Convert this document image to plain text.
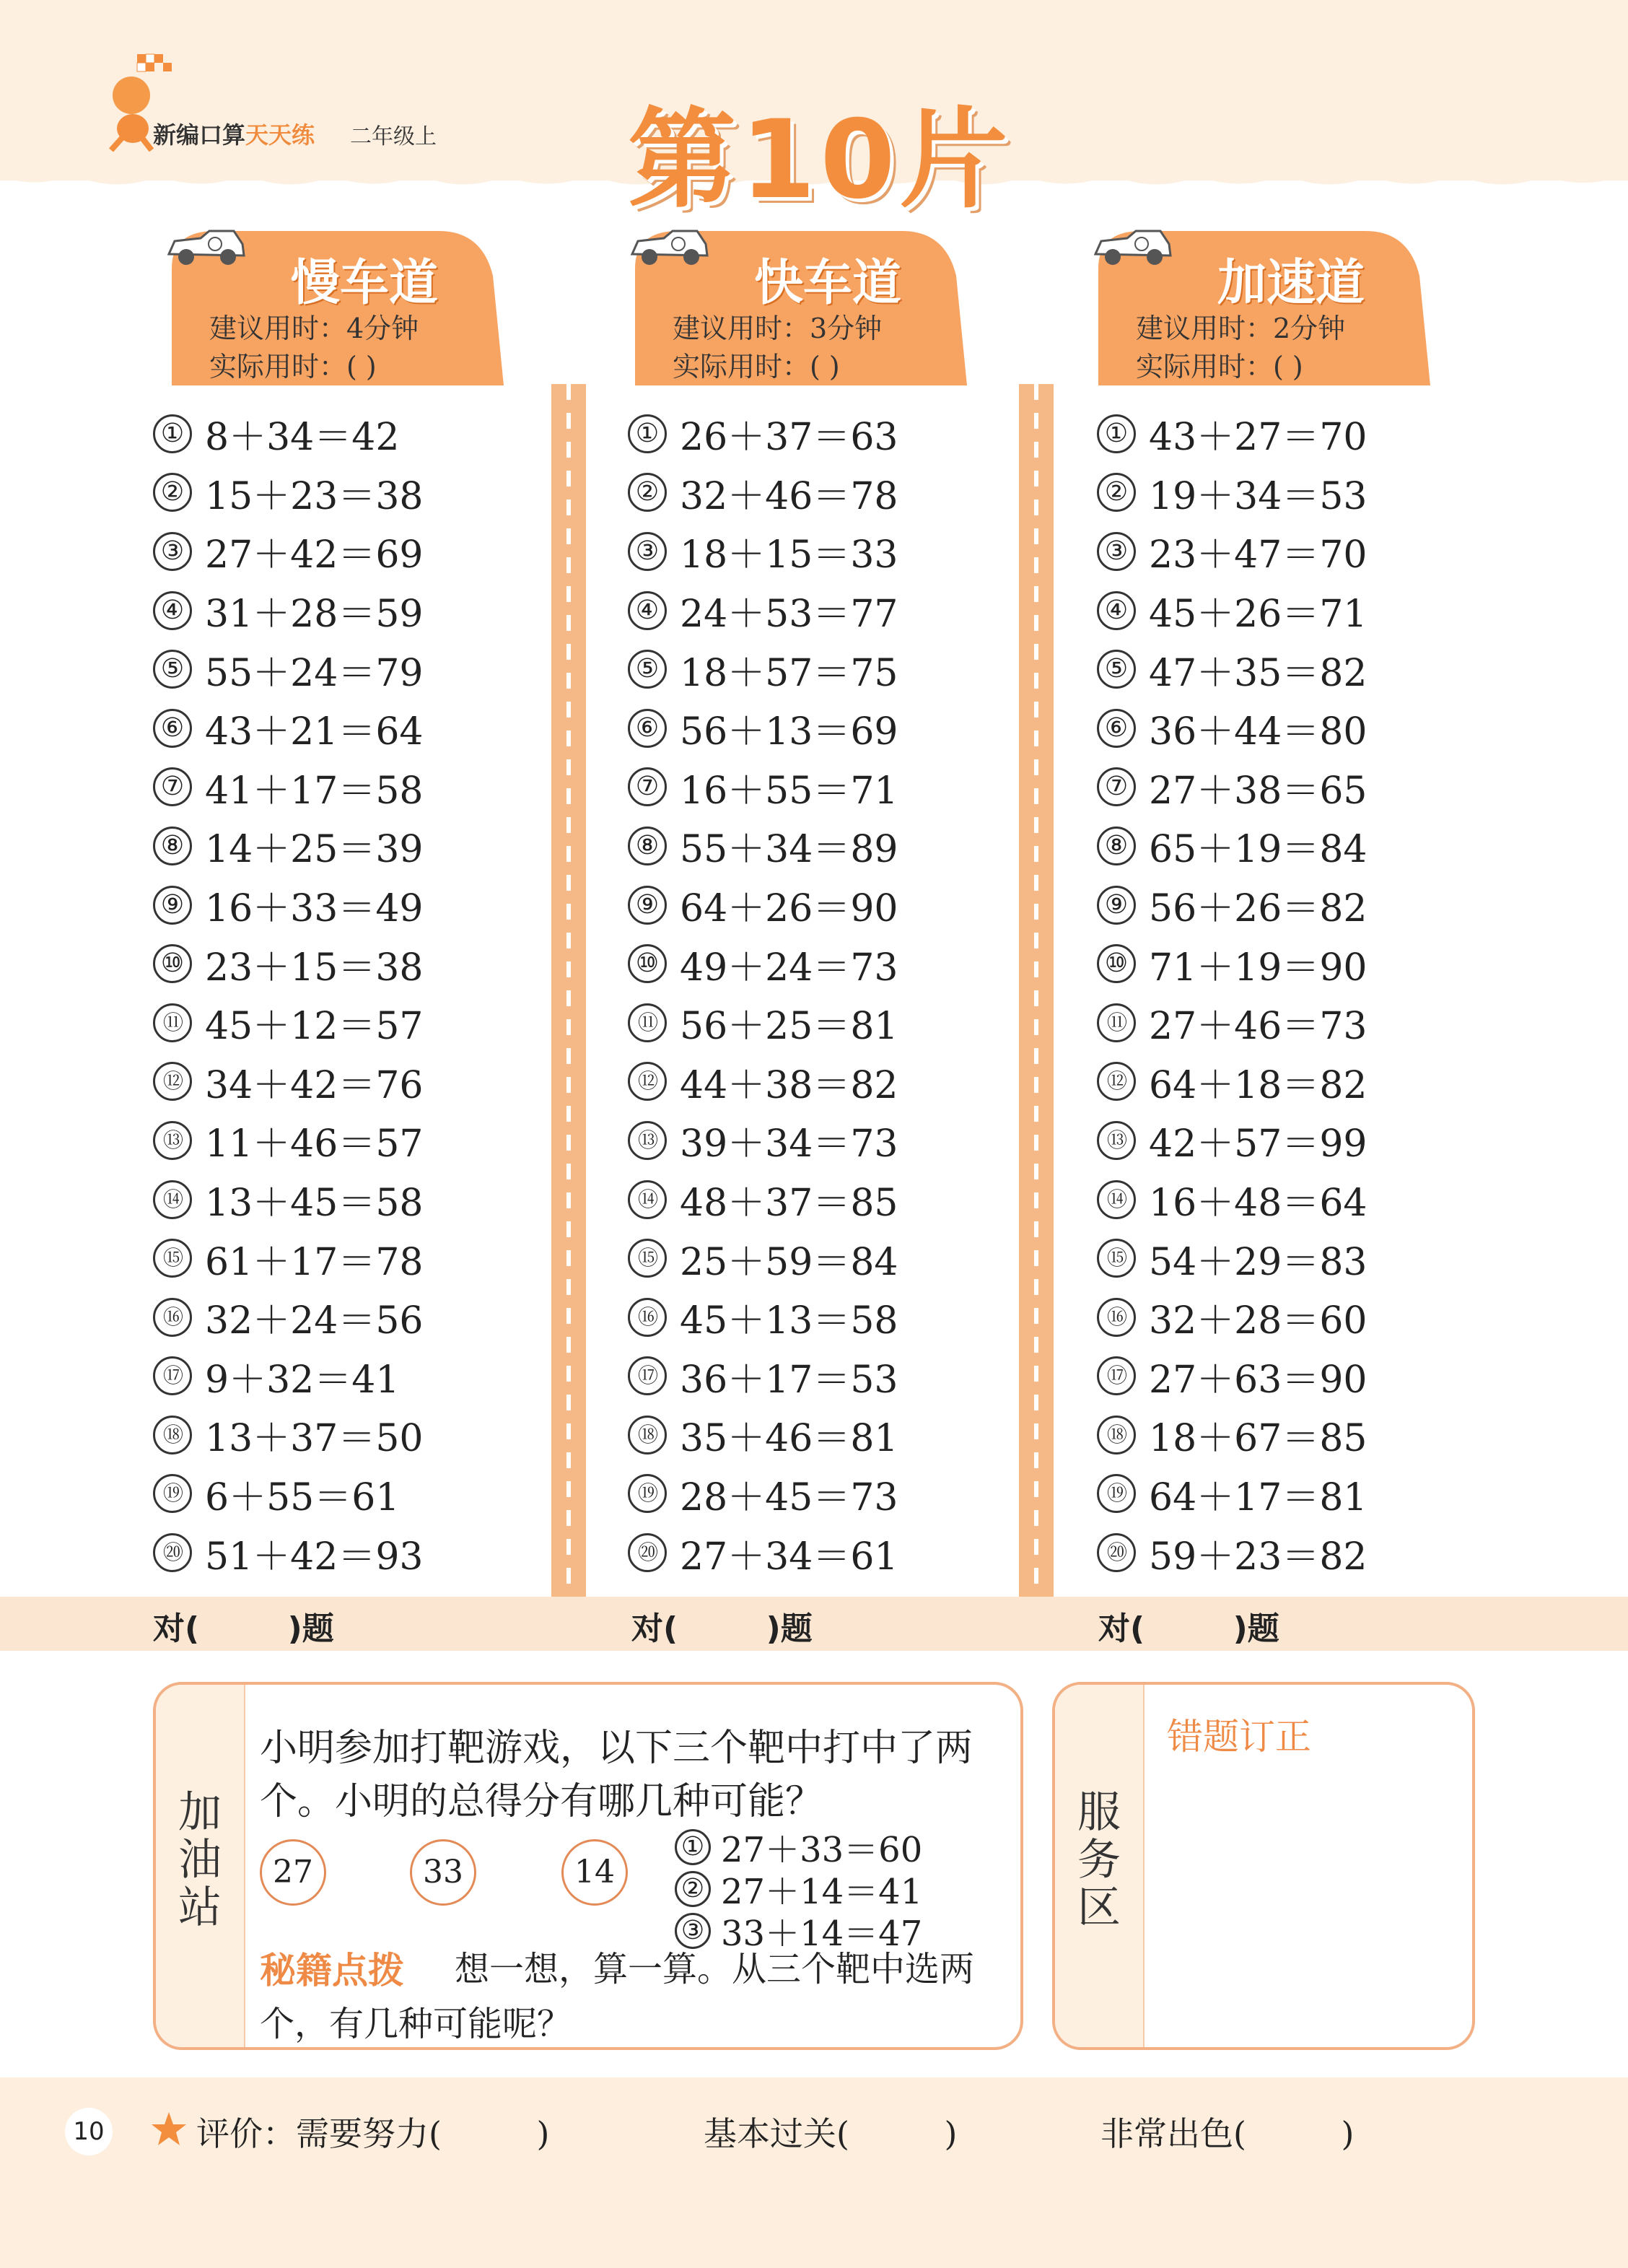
新编口算天天练 二年级上 第10片
慢车道
建议用时：4分钟
实际用时：( )
快车道
建议用时：3分钟
实际用时：( )
加速道
建议用时：2分钟
实际用时：( )
① 8＋34＝42
② 15＋23＝38
③ 27＋42＝69
④ 31＋28＝59
⑤ 55＋24＝79
⑥ 43＋21＝64
⑦ 41＋17＝58
⑧ 14＋25＝39
⑨ 16＋33＝49
⑩ 23＋15＝38
⑪ 45＋12＝57
⑫ 34＋42＝76
⑬ 11＋46＝57
⑭ 13＋45＝58
⑮ 61＋17＝78
⑯ 32＋24＝56
⑰ 9＋32＝41
⑱ 13＋37＝50
⑲ 6＋55＝61
⑳ 51＋42＝93
① 26＋37＝63
② 32＋46＝78
③ 18＋15＝33
④ 24＋53＝77
⑤ 18＋57＝75
⑥ 56＋13＝69
⑦ 16＋55＝71
⑧ 55＋34＝89
⑨ 64＋26＝90
⑩ 49＋24＝73
⑪ 56＋25＝81
⑫ 44＋38＝82
⑬ 39＋34＝73
⑭ 48＋37＝85
⑮ 25＋59＝84
⑯ 45＋13＝58
⑰ 36＋17＝53
⑱ 35＋46＝81
⑲ 28＋45＝73
⑳ 27＋34＝61
① 43＋27＝70
② 19＋34＝53
③ 23＋47＝70
④ 45＋26＝71
⑤ 47＋35＝82
⑥ 36＋44＝80
⑦ 27＋38＝65
⑧ 65＋19＝84
⑨ 56＋26＝82
⑩ 71＋19＝90
⑪ 27＋46＝73
⑫ 64＋18＝82
⑬ 42＋57＝99
⑭ 16＋48＝64
⑮ 54＋29＝83
⑯ 32＋28＝60
⑰ 27＋63＝90
⑱ 18＋67＝85
⑲ 64＋17＝81
⑳ 59＋23＝82
对(        )题	对(        )题	对(        )题
加油站
小明参加打靶游戏，以下三个靶中打中了两个。小明的总得分有哪几种可能？
27	33	14
① 27＋33＝60
② 27＋14＝41
③ 33＋14＝47
想一想，算一算。从三个靶中选两个，有几种可能呢？
秘籍点拨
服务区
错题订正
10	评价：需要努力(         )	基本过关(         )	非常出色(         )
